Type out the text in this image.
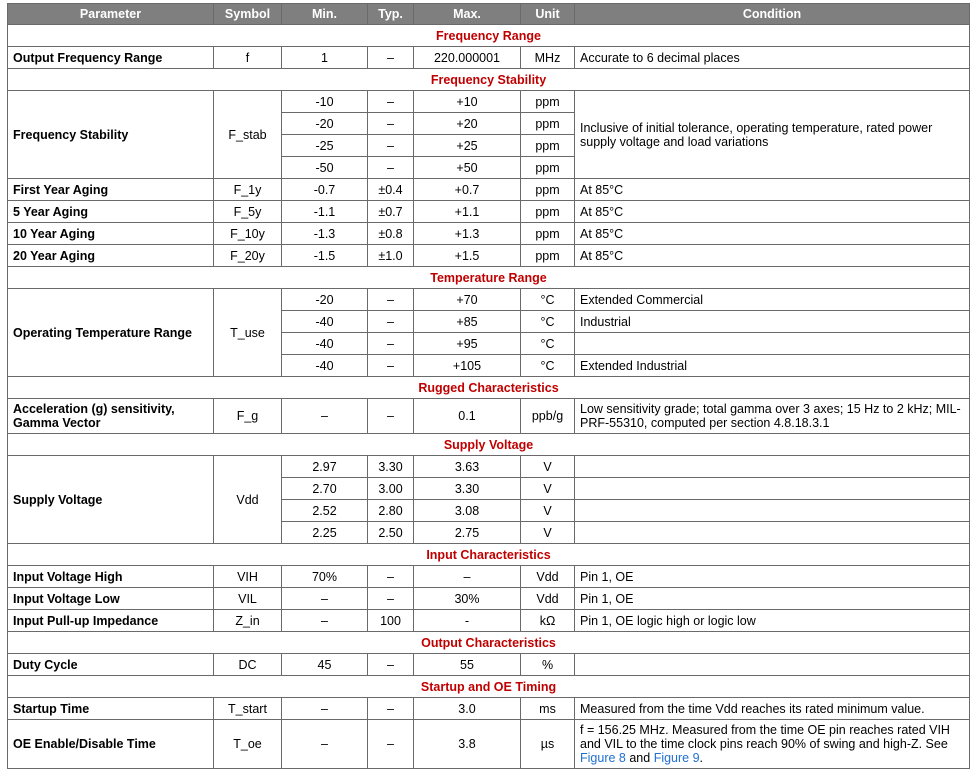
Parameter	Symbol	Min.	Typ.	Max.	Unit	Condition
Frequency Range						
Output Frequency Range	f	1	–	220.000001	MHz	Accurate to 6 decimal places
Frequency Stability						
Frequency Stability	F_stab	-10	–	+10	ppm	Inclusive of initial tolerance, operating temperature, rated power supply voltage and load variations
		-20	–	+20	ppm	
		-25	–	+25	ppm	
		-50	–	+50	ppm	
First Year Aging	F_1y	-0.7	±0.4	+0.7	ppm	At 85°C
5 Year Aging	F_5y	-1.1	±0.7	+1.1	ppm	At 85°C
10 Year Aging	F_10y	-1.3	±0.8	+1.3	ppm	At 85°C
20 Year Aging	F_20y	-1.5	±1.0	+1.5	ppm	At 85°C
Temperature Range						
Operating Temperature Range	T_use	-20	–	+70	°C	Extended Commercial
		-40	–	+85	°C	Industrial
		-40	–	+95	°C	
		-40	–	+105	°C	Extended Industrial
Rugged Characteristics						
Acceleration (g) sensitivity, Gamma Vector	F_g	–	–	0.1	ppb/g	Low sensitivity grade; total gamma over 3 axes; 15 Hz to 2 kHz; MIL-PRF-55310, computed per section 4.8.18.3.1
Supply Voltage						
Supply Voltage	Vdd	2.97	3.30	3.63	V	
		2.70	3.00	3.30	V	
		2.52	2.80	3.08	V	
		2.25	2.50	2.75	V	
Input Characteristics						
Input Voltage High	VIH	70%	–	–	Vdd	Pin 1, OE
Input Voltage Low	VIL	–	–	30%	Vdd	Pin 1, OE
Input Pull-up Impedance	Z_in	–	100	-	kΩ	Pin 1, OE logic high or logic low
Output Characteristics						
Duty Cycle	DC	45	–	55	%	
Startup and OE Timing						
Startup Time	T_start	–	–	3.0	ms	Measured from the time Vdd reaches its rated minimum value.
OE Enable/Disable Time	T_oe	–	–	3.8	µs	f = 156.25 MHz. Measured from the time OE pin reaches rated VIH and VIL to the time clock pins reach 90% of swing and high-Z. See Figure 8 and Figure 9.
